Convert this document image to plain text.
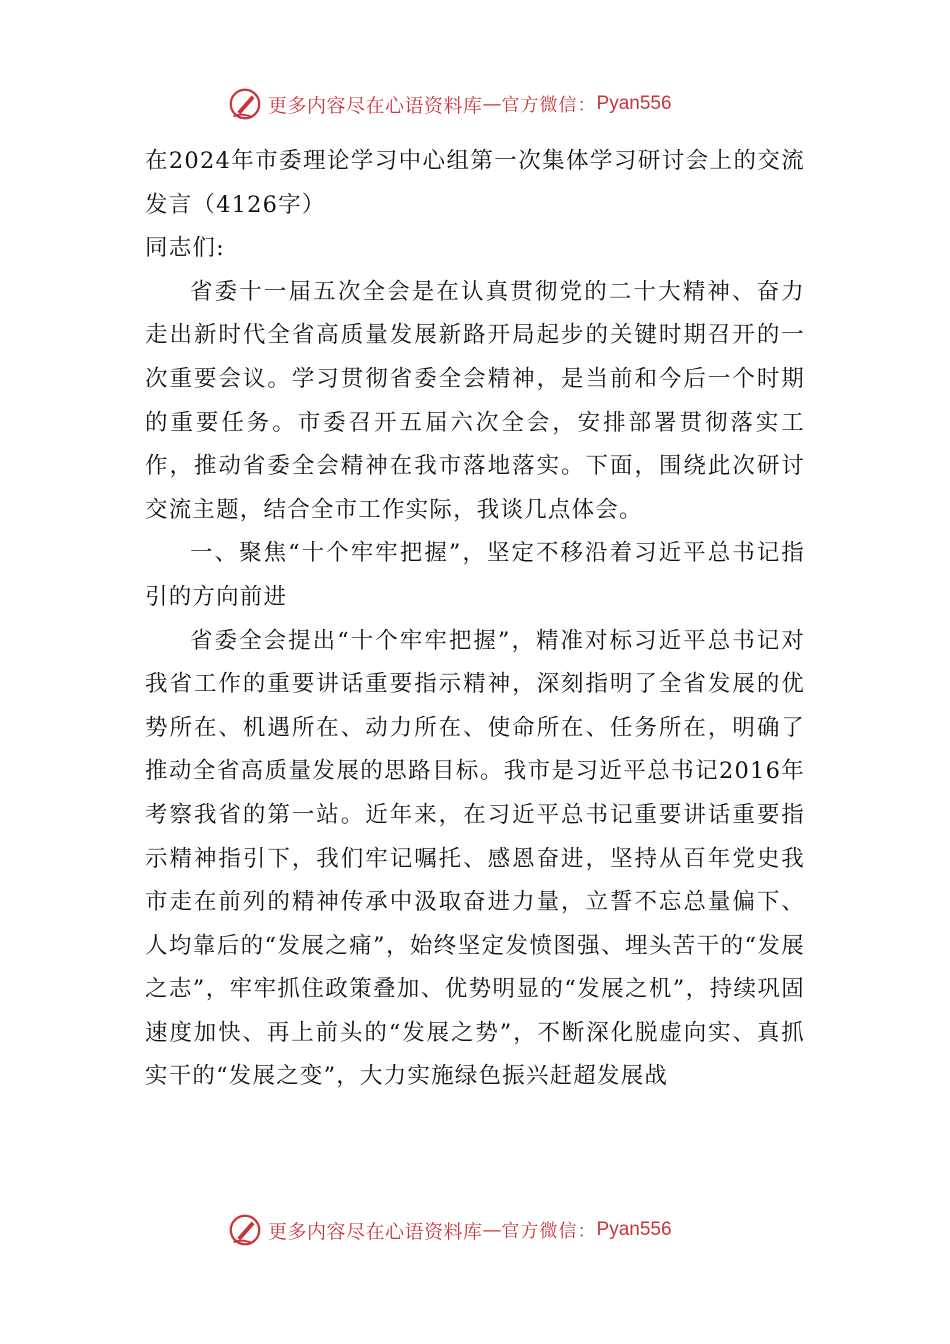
更多内容尽在心语资料库 — 官方微信： Pyan556

在2024年市委理论学习中心组第一次集体学习研讨会上的交流发言（4126字）

同志们:

省委十一届五次全会是在认真贯彻党的二十大精神、奋力走出新时代全省高质量发展新路开局起步的关键时期召开的一次重要会议。学习贯彻省委全会精神，是当前和今后一个时期的重要任务。市委召开五届六次全会，安排部署贯彻落实工作，推动省委全会精神在我市落地落实。下面，围绕此次研讨交流主题，结合全市工作实际，我谈几点体会。

一、聚焦“十个牢牢把握”，坚定不移沿着习近平总书记指引的方向前进

省委全会提出“十个牢牢把握”，精准对标习近平总书记对我省工作的重要讲话重要指示精神，深刻指明了全省发展的优势所在、机遇所在、动力所在、使命所在、任务所在，明确了推动全省高质量发展的思路目标。我市是习近平总书记2016年考察我省的第一站。近年来，在习近平总书记重要讲话重要指示精神指引下，我们牢记嘱托、感恩奋进，坚持从百年党史我市走在前列的精神传承中汲取奋进力量，立誓不忘总量偏下、人均靠后的“发展之痛”，始终坚定发愤图强、埋头苦干的“发展之志”，牢牢抓住政策叠加、优势明显的“发展之机”，持续巩固速度加快、再上前头的“发展之势”，不断深化脱虚向实、真抓实干的“发展之变”，大力实施绿色振兴赶超发展战

更多内容尽在心语资料库 — 官方微信： Pyan556
